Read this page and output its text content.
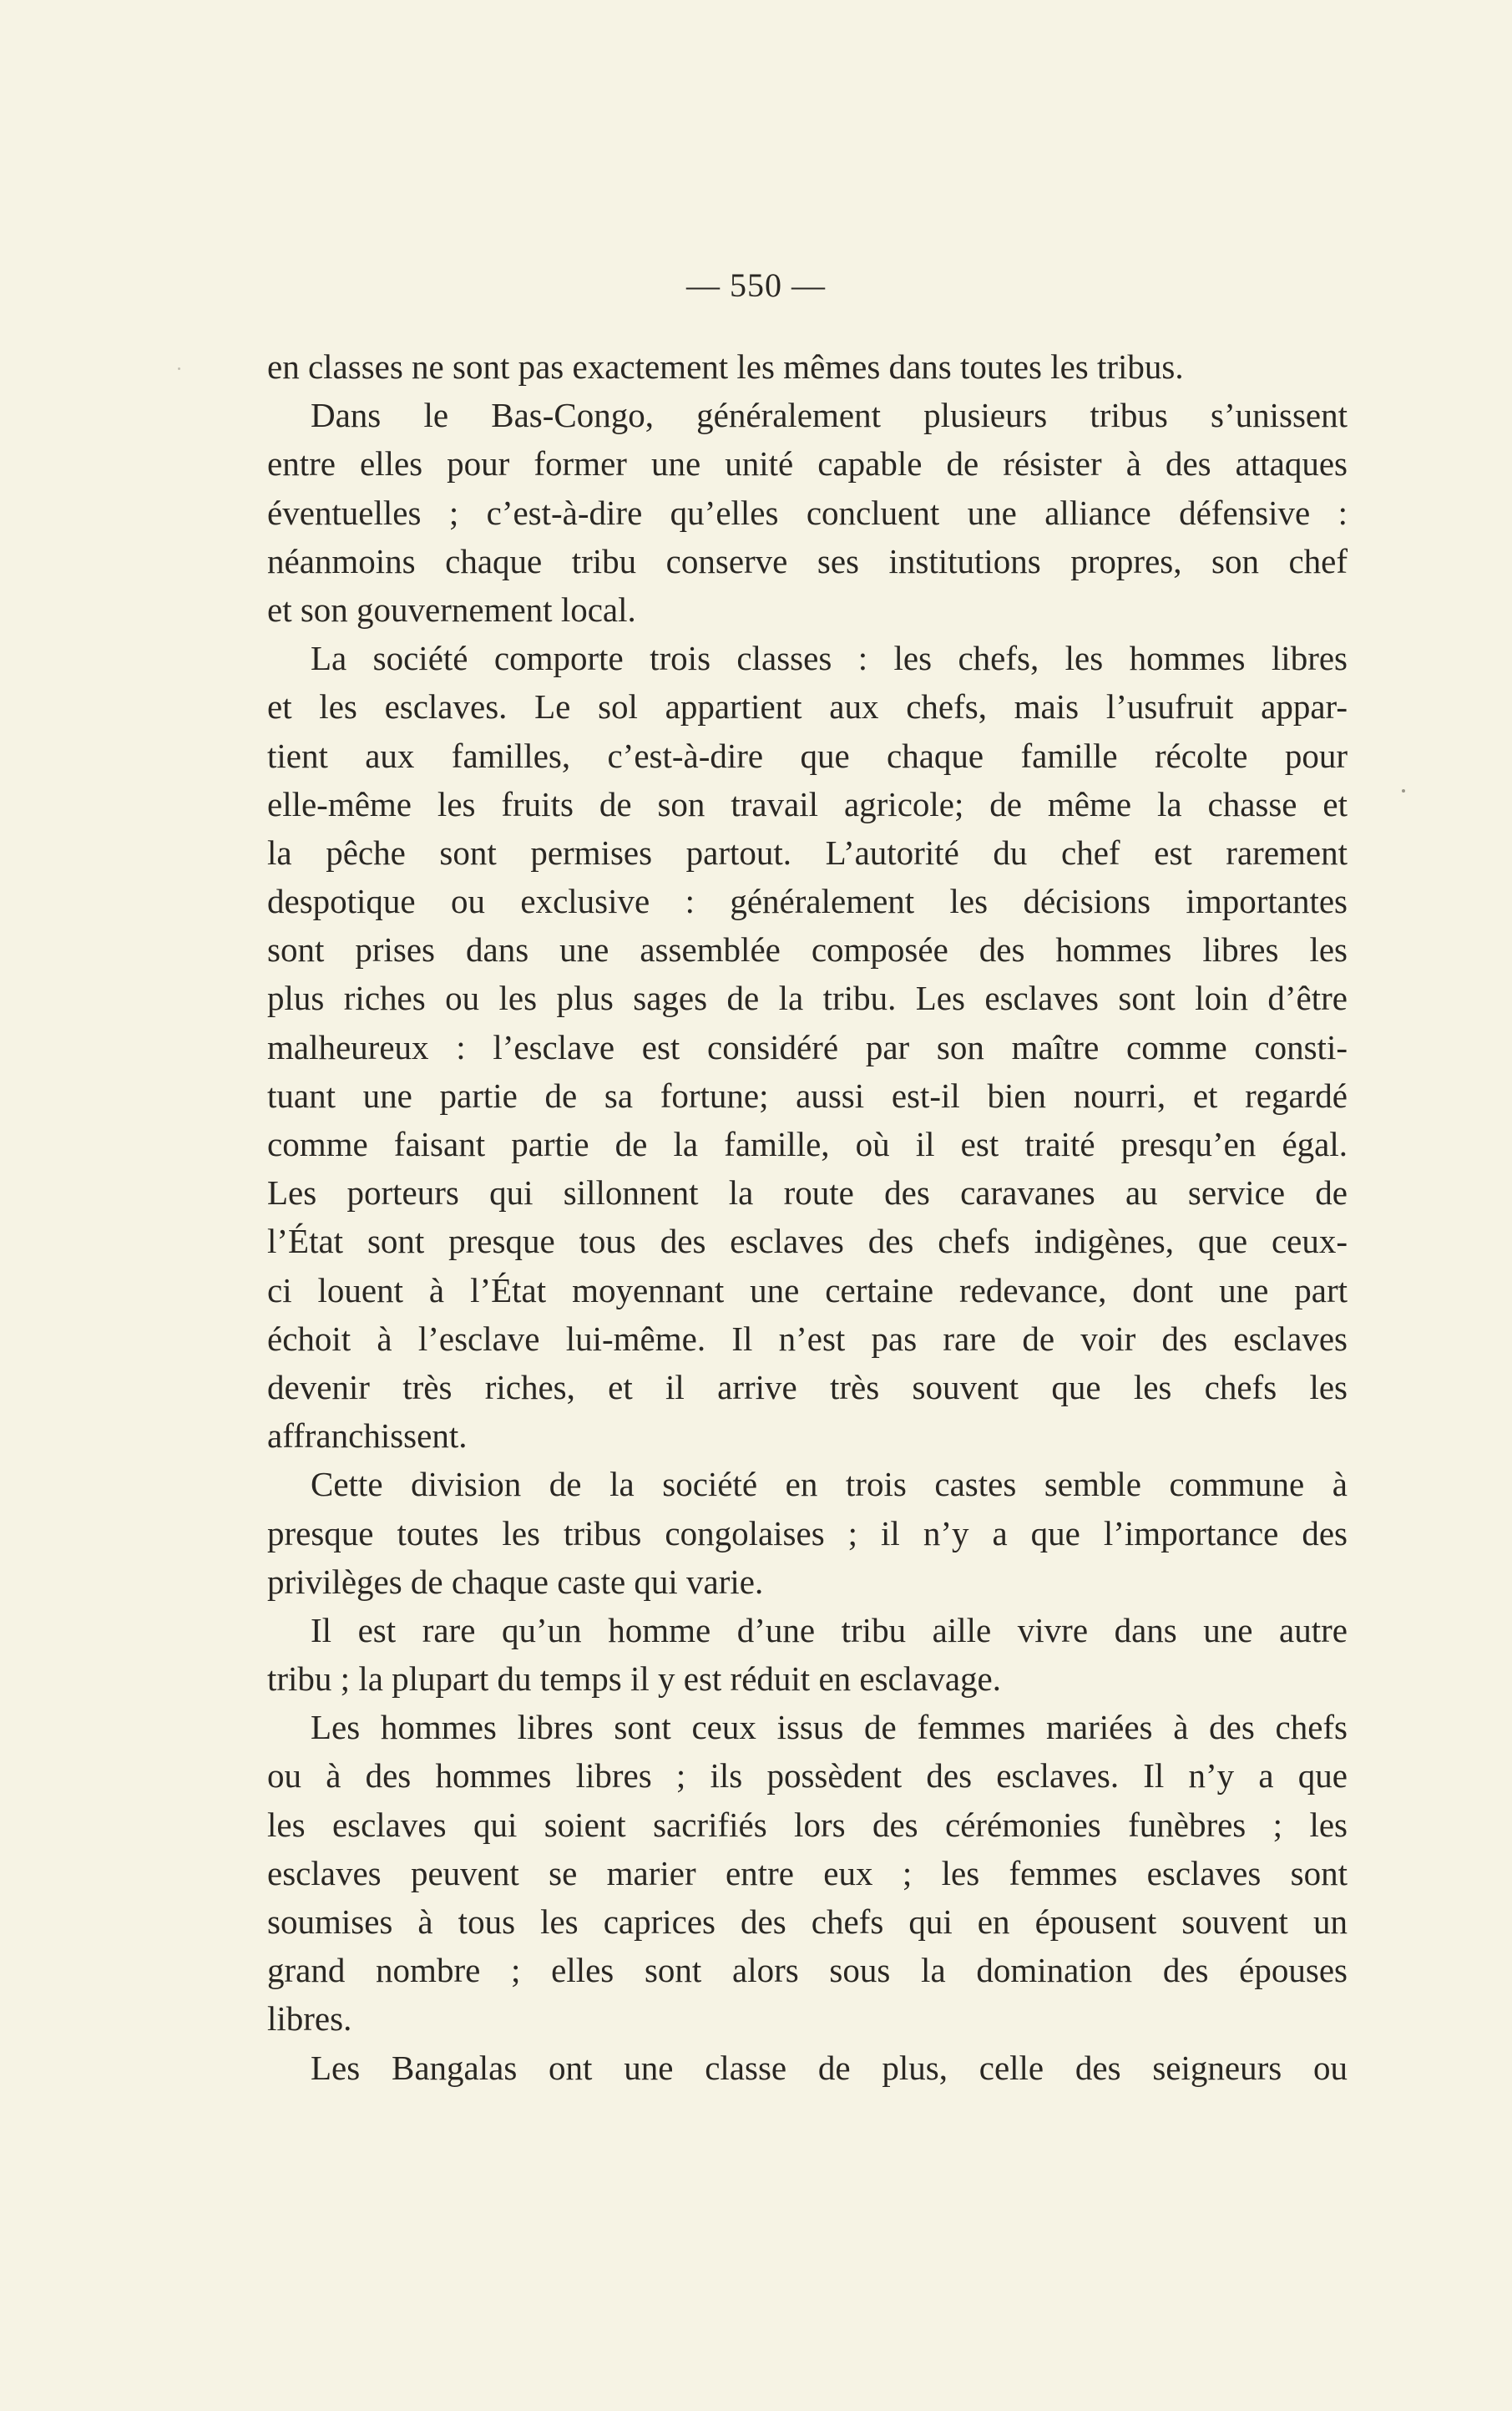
— 550 —
en classes ne sont pas exactement les mêmes dans toutes les tribus.
Dans le Bas-Congo, généralement plusieurs tribus s’unissent
entre elles pour former une unité capable de résister à des attaques
éventuelles ; c’est-à-dire qu’elles concluent une alliance défensive :
néanmoins chaque tribu conserve ses institutions propres, son chef
et son gouvernement local.
La société comporte trois classes : les chefs, les hommes libres
et les esclaves. Le sol appartient aux chefs, mais l’usufruit appar-
tient aux familles, c’est-à-dire que chaque famille récolte pour
elle-même les fruits de son travail agricole; de même la chasse et
la pêche sont permises partout. L’autorité du chef est rarement
despotique ou exclusive : généralement les décisions importantes
sont prises dans une assemblée composée des hommes libres les
plus riches ou les plus sages de la tribu. Les esclaves sont loin d’être
malheureux : l’esclave est considéré par son maître comme consti-
tuant une partie de sa fortune; aussi est-il bien nourri, et regardé
comme faisant partie de la famille, où il est traité presqu’en égal.
Les porteurs qui sillonnent la route des caravanes au service de
l’État sont presque tous des esclaves des chefs indigènes, que ceux-
ci louent à l’État moyennant une certaine redevance, dont une part
échoit à l’esclave lui-même. Il n’est pas rare de voir des esclaves
devenir très riches, et il arrive très souvent que les chefs les
affranchissent.
Cette division de la société en trois castes semble commune à
presque toutes les tribus congolaises ; il n’y a que l’importance des
privilèges de chaque caste qui varie.
Il est rare qu’un homme d’une tribu aille vivre dans une autre
tribu ; la plupart du temps il y est réduit en esclavage.
Les hommes libres sont ceux issus de femmes mariées à des chefs
ou à des hommes libres ; ils possèdent des esclaves. Il n’y a que
les esclaves qui soient sacrifiés lors des cérémonies funèbres ; les
esclaves peuvent se marier entre eux ; les femmes esclaves sont
soumises à tous les caprices des chefs qui en épousent souvent un
grand nombre ; elles sont alors sous la domination des épouses
libres.
Les Bangalas ont une classe de plus, celle des seigneurs ou
